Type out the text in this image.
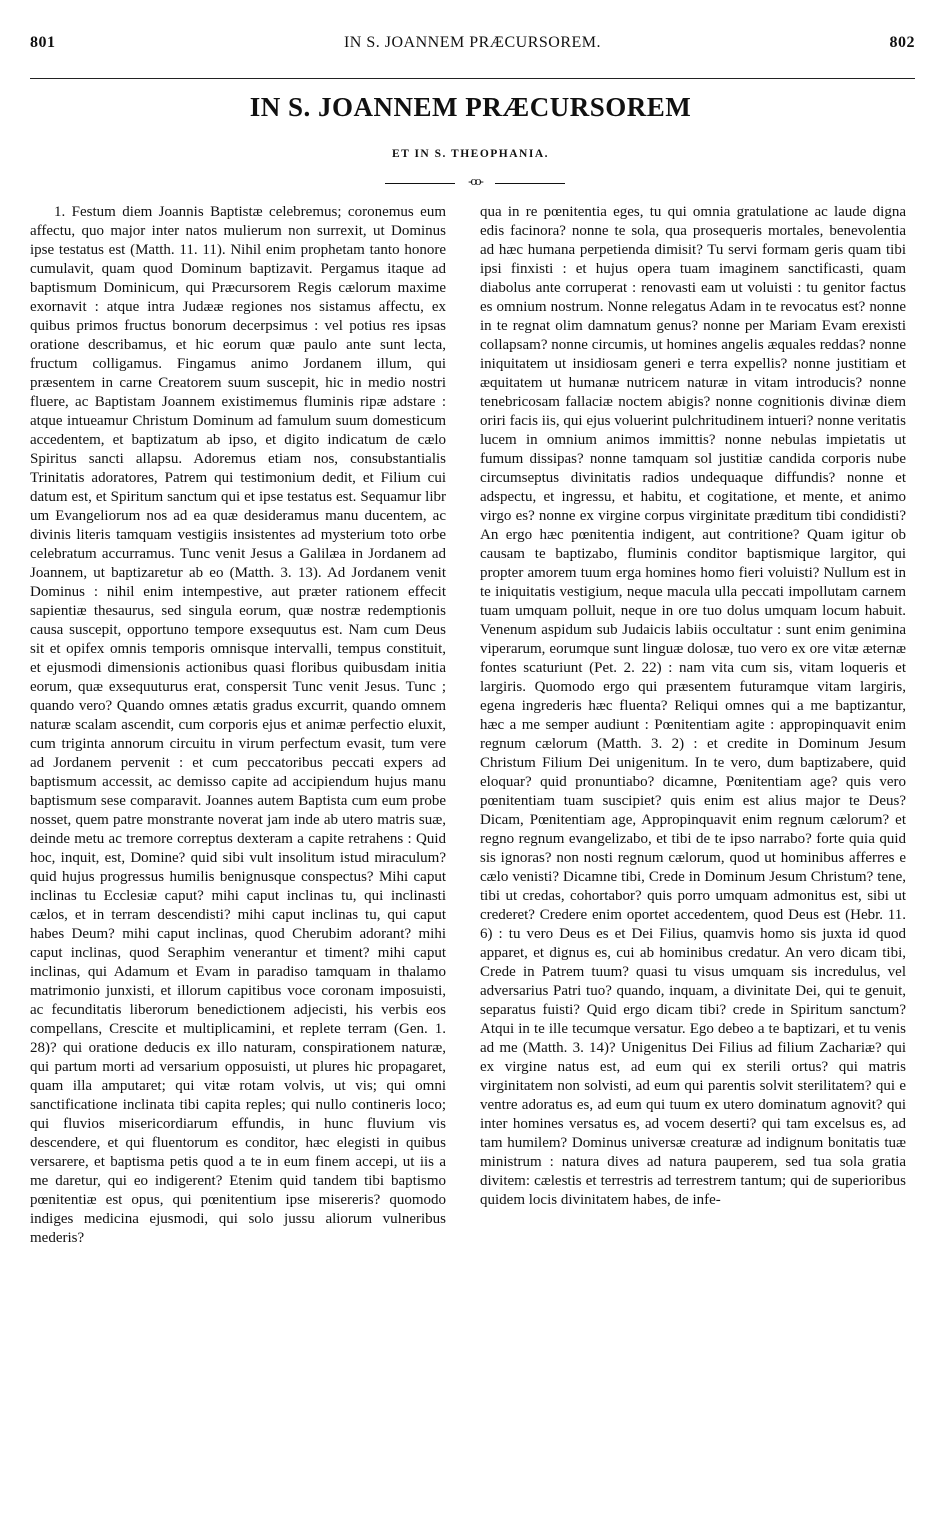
801	IN S. JOANNEM PRÆCURSOREM.	802
IN S. JOANNEM PRÆCURSOREM
ET IN S. THEOPHANIA.
-oo-

1. Festum diem Joannis Baptistæ celebremus; coronemus eum affectu, quo major inter natos mulierum non surrexit, ut Dominus ipse testatus est (Matth. 11. 11). Nihil enim prophetam tanto honore cumulavit, quam quod Dominum baptizavit. Pergamus itaque ad baptismum Dominicum, qui Præcursorem Regis cælorum maxime exornavit : atque intra Judææ regiones nos sistamus affectu, ex quibus primos fructus bonorum decerpsimus : vel potius res ipsas oratione describamus, et hic eorum quæ paulo ante sunt lecta, fructum colligamus. Fingamus animo Jordanem illum, qui præsentem in carne Creatorem suum suscepit, hic in medio nostri fluere, ac Baptistam Joannem existimemus fluminis ripæ adstare : atque intueamur Christum Dominum ad famulum suum domesticum accedentem, et baptizatum ab ipso, et digito indicatum de cælo Spiritus sancti allapsu. Adoremus etiam nos, consubstantialis Trinitatis adoratores, Patrem qui testimonium dedit, et Filium cui datum est, et Spiritum sanctum qui et ipse testatus est. Sequamur libr um Evangeliorum nos ad ea quæ desideramus manu ducentem, ac divinis literis tamquam vestigiis insistentes ad mysterium toto orbe celebratum accurramus. Tunc venit Jesus a Galilæa in Jordanem ad Joannem, ut baptizaretur ab eo (Matth. 3. 13). Ad Jordanem venit Dominus : nihil enim intempestive, aut præter rationem effecit sapientiæ thesaurus, sed singula eorum, quæ nostræ redemptionis causa suscepit, opportuno tempore exsequutus est. Nam cum Deus sit et opifex omnis temporis omnisque intervalli, tempus constituit, et ejusmodi dimensionis actionibus quasi floribus quibusdam initia eorum, quæ exsequuturus erat, conspersit Tunc venit Jesus. Tunc ; quando vero? Quando omnes ætatis gradus excurrit, quando omnem naturæ scalam ascendit, cum corporis ejus et animæ perfectio eluxit, cum triginta annorum circuitu in virum perfectum evasit, tum vere ad Jordanem pervenit : et cum peccatoribus peccati expers ad baptismum accessit, ac demisso capite ad accipiendum hujus manu baptismum sese comparavit. Joannes autem Baptista cum eum probe nosset, quem patre monstrante noverat jam inde ab utero matris suæ, deinde metu ac tremore correptus dexteram a capite retrahens : Quid hoc, inquit, est, Domine? quid sibi vult insolitum istud miraculum? quid hujus progressus humilis benignusque conspectus? Mihi caput inclinas tu Ecclesiæ caput? mihi caput inclinas tu, qui inclinasti cælos, et in terram descendisti? mihi caput inclinas tu, qui caput habes Deum? mihi caput inclinas, quod Cherubim adorant? mihi caput inclinas, quod Seraphim venerantur et timent? mihi caput inclinas, qui Adamum et Evam in paradiso tamquam in thalamo matrimonio junxisti, et illorum capitibus voce coronam imposuisti, ac fecunditatis liberorum benedictionem adjecisti, his verbis eos compellans, Crescite et multiplicamini, et replete terram (Gen. 1. 28)? qui oratione deducis ex illo naturam, conspirationem naturæ, qui partum morti ad versarium opposuisti, ut plures hic propagaret, quam illa amputaret; qui vitæ rotam volvis, ut vis; qui omni sanctificatione inclinata tibi capita reples; qui nullo contineris loco; qui fluvios misericordiarum effundis, in hunc fluvium vis descendere, et qui fluentorum es conditor, hæc elegisti in quibus versarere, et baptisma petis quod a te in eum finem accepi, ut iis a me daretur, qui eo indigerent? Etenim quid tandem tibi baptismo pœnitentiæ est opus, qui pœnitentium ipse misereris? quomodo indiges medicina ejusmodi, qui solo jussu aliorum vulneribus mederis?

qua in re pœnitentia eges, tu qui omnia gratulatione ac laude digna edis facinora? nonne te sola, qua prosequeris mortales, benevolentia ad hæc humana perpetienda dimisit? Tu servi formam geris quam tibi ipsi finxisti : et hujus opera tuam imaginem sanctificasti, quam diabolus ante corruperat : renovasti eam ut voluisti : tu genitor factus es omnium nostrum. Nonne relegatus Adam in te revocatus est? nonne in te regnat olim damnatum genus? nonne per Mariam Evam erexisti collapsam? nonne circumis, ut homines angelis æquales reddas? nonne iniquitatem ut insidiosam generi e terra expellis? nonne justitiam et æquitatem ut humanæ nutricem naturæ in vitam introducis? nonne tenebricosam fallaciæ noctem abigis? nonne cognitionis divinæ diem oriri facis iis, qui ejus voluerint pulchritudinem intueri? nonne veritatis lucem in omnium animos immittis? nonne nebulas impietatis ut fumum dissipas? nonne tamquam sol justitiæ candida corporis nube circumseptus divinitatis radios undequaque diffundis? nonne et adspectu, et ingressu, et habitu, et cogitatione, et mente, et animo virgo es? nonne ex virgine corpus virginitate præditum tibi condidisti? An ergo hæc pœnitentia indigent, aut contritione? Quam igitur ob causam te baptizabo, fluminis conditor baptismique largitor, qui propter amorem tuum erga homines homo fieri voluisti? Nullum est in te iniquitatis vestigium, neque macula ulla peccati impollutam carnem tuam umquam polluit, neque in ore tuo dolus umquam locum habuit. Venenum aspidum sub Judaicis labiis occultatur : sunt enim genimina viperarum, eorumque sunt linguæ dolosæ, tuo vero ex ore vitæ æternæ fontes scaturiunt (Pet. 2. 22) : nam vita cum sis, vitam loqueris et largiris. Quomodo ergo qui præsentem futuramque vitam largiris, egena ingrederis hæc fluenta? Reliqui omnes qui a me baptizantur, hæc a me semper audiunt : Pœnitentiam agite : appropinquavit enim regnum cælorum (Matth. 3. 2) : et credite in Dominum Jesum Christum Filium Dei unigenitum. In te vero, dum baptizabere, quid eloquar? quid pronuntiabo? dicamne, Pœnitentiam age? quis vero pœnitentiam tuam suscipiet? quis enim est alius major te Deus? Dicam, Pœnitentiam age, Appropinquavit enim regnum cælorum? et regno regnum evangelizabo, et tibi de te ipso narrabo? forte quia quid sis ignoras? non nosti regnum cælorum, quod ut hominibus afferres e cælo venisti? Dicamne tibi, Crede in Dominum Jesum Christum? tene, tibi ut credas, cohortabor? quis porro umquam admonitus est, sibi ut crederet? Credere enim oportet accedentem, quod Deus est (Hebr. 11. 6) : tu vero Deus es et Dei Filius, quamvis homo sis juxta id quod apparet, et dignus es, cui ab hominibus credatur. An vero dicam tibi, Crede in Patrem tuum? quasi tu visus umquam sis incredulus, vel adversarius Patri tuo? quando, inquam, a divinitate Dei, qui te genuit, separatus fuisti? Quid ergo dicam tibi? crede in Spiritum sanctum? Atqui in te ille tecumque versatur. Ego debeo a te baptizari, et tu venis ad me (Matth. 3. 14)? Unigenitus Dei Filius ad filium Zachariæ? qui ex virgine natus est, ad eum qui ex sterili ortus? qui matris virginitatem non solvisti, ad eum qui parentis solvit sterilitatem? qui e ventre adoratus es, ad eum qui tuum ex utero dominatum agnovit? qui inter homines versatus es, ad vocem deserti? qui tam excelsus es, ad tam humilem? Dominus universæ creaturæ ad indignum bonitatis tuæ ministrum : natura dives ad natura pauperem, sed tua sola gratia divitem: cælestis et terrestris ad terrestrem tantum; qui de superioribus quidem locis divinitatem habes, de infe-
